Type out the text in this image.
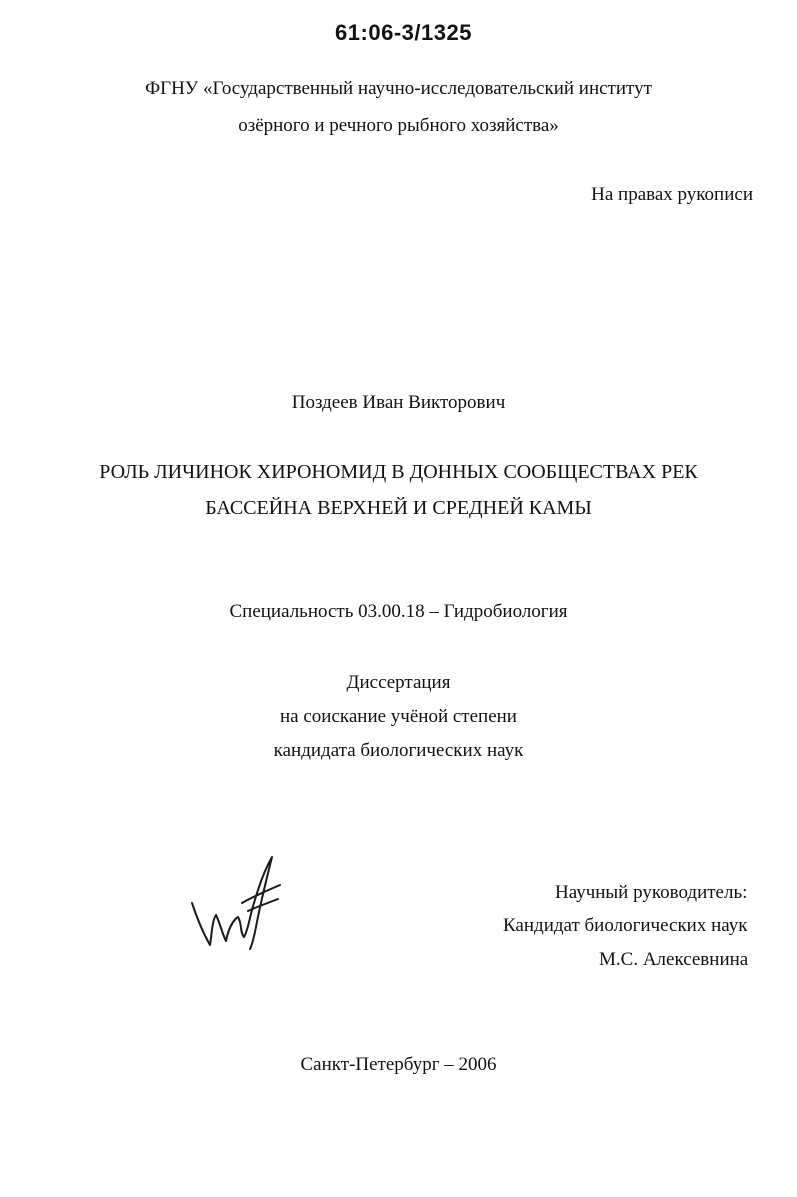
61:06-3/1325
ФГНУ «Государственный научно-исследовательский институт
озёрного и речного рыбного хозяйства»
На правах рукописи
Поздеев Иван Викторович
РОЛЬ ЛИЧИНОК ХИРОНОМИД В ДОННЫХ СООБЩЕСТВАХ РЕК
БАССЕЙНА ВЕРХНЕЙ И СРЕДНЕЙ КАМЫ
Специальность 03.00.18 – Гидробиология
Диссертация
на соискание учёной степени
кандидата биологических наук
Научный руководитель:
Кандидат биологических наук
М.С. Алексевнина
Санкт-Петербург – 2006
